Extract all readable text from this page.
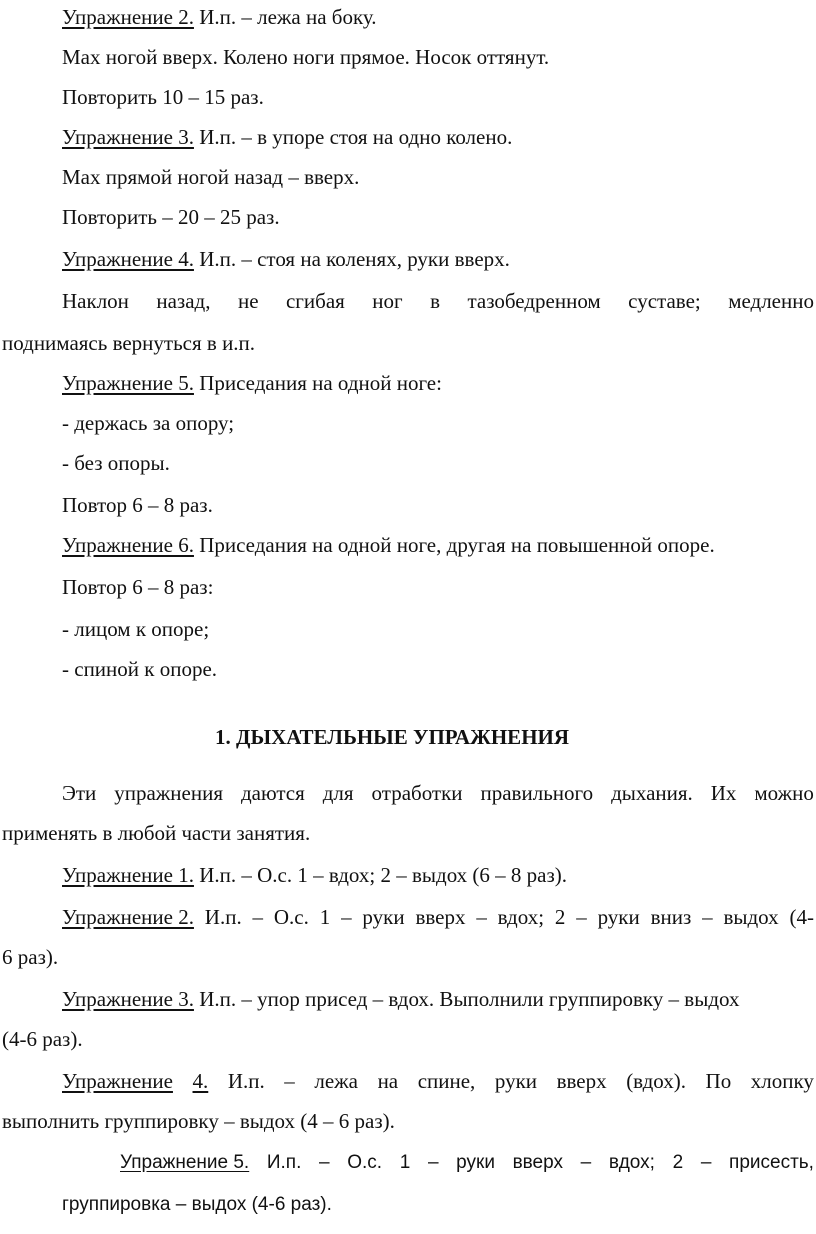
Упражнение 2. И.п. – лежа на боку.
Мах ногой вверх. Колено ноги прямое. Носок оттянут.
Повторить 10 – 15 раз.
Упражнение 3. И.п. – в упоре стоя на одно колено.
Мах прямой ногой назад – вверх.
Повторить – 20 – 25 раз.
Упражнение 4. И.п. – стоя на коленях, руки вверх.
Наклон назад, не сгибая ног в тазобедренном суставе; медленно
поднимаясь вернуться в и.п.
Упражнение 5. Приседания на одной ноге:
- держась за опору;
- без опоры.
Повтор 6 – 8 раз.
Упражнение 6. Приседания на одной ноге, другая на повышенной опоре.
Повтор 6 – 8 раз:
- лицом к опоре;
- спиной к опоре.
1. ДЫХАТЕЛЬНЫЕ УПРАЖНЕНИЯ
Эти упражнения даются для отработки правильного дыхания. Их можно
применять в любой части занятия.
Упражнение 1. И.п. – О.с. 1 – вдох; 2 – выдох (6 – 8 раз).
Упражнение 2. И.п. – О.с. 1 – руки вверх – вдох; 2 – руки вниз – выдох (4-
6 раз).
Упражнение 3. И.п. – упор присед – вдох. Выполнили группировку – выдох
(4-6 раз).
Упражнение 4. И.п. – лежа на спине, руки вверх (вдох). По хлопку
выполнить группировку – выдох (4 – 6 раз).
Упражнение 5. И.п. – О.с. 1 – руки вверх – вдох; 2 – присесть,
группировка – выдох (4-6 раз).
